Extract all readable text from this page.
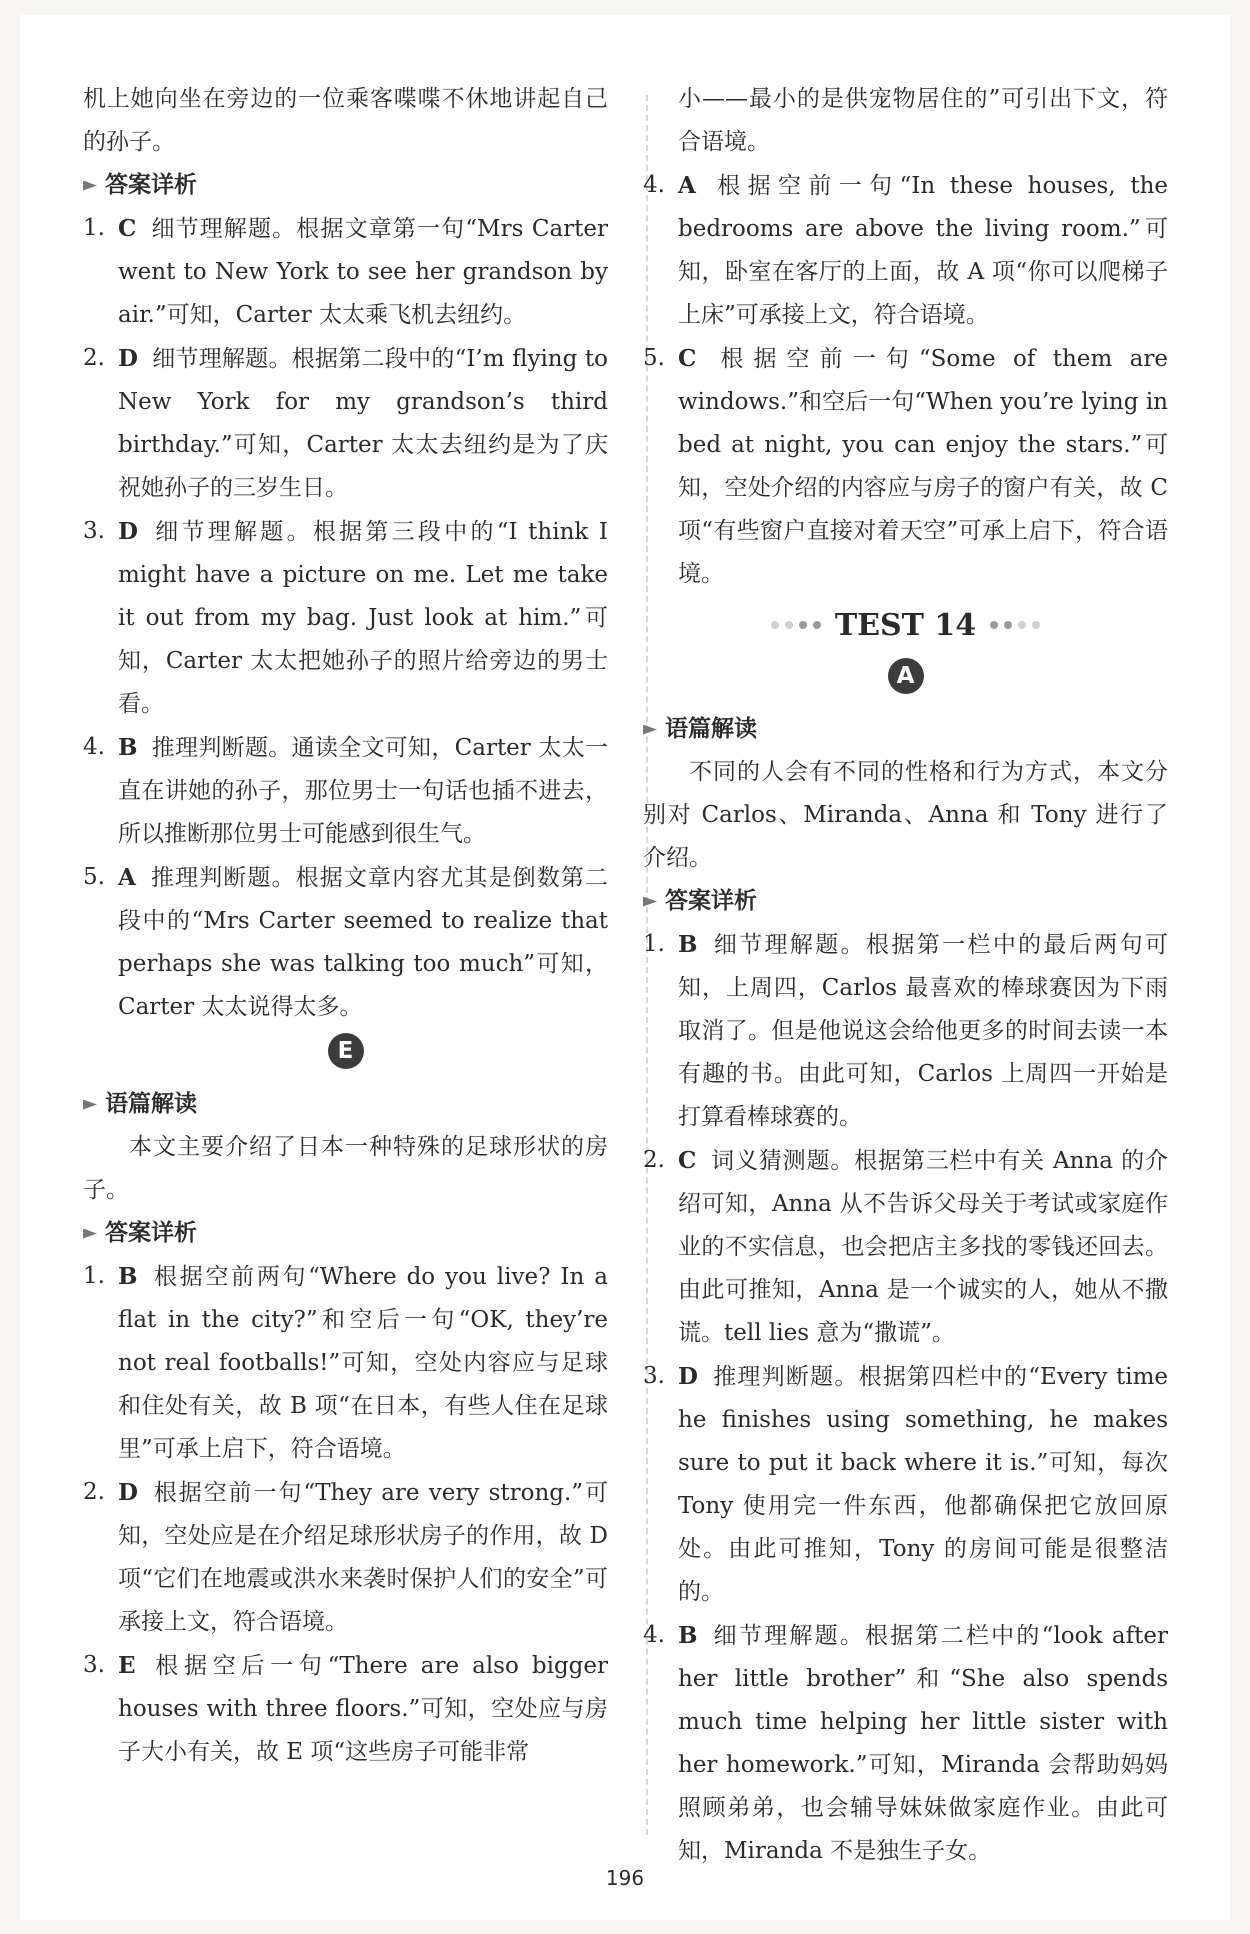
机上她向坐在旁边的一位乘客喋喋不休地讲起自己的孙子。

答案详析
1. C 细节理解题。根据文章第一句“Mrs Carter went to New York to see her grandson by air.”可知，Carter 太太乘飞机去纽约。
2. D 细节理解题。根据第二段中的“I’m flying to New York for my grandson’s third birthday.”可知，Carter 太太去纽约是为了庆祝她孙子的三岁生日。
3. D 细节理解题。根据第三段中的“I think I might have a picture on me. Let me take it out from my bag. Just look at him.”可知，Carter 太太把她孙子的照片给旁边的男士看。
4. B 推理判断题。通读全文可知，Carter 太太一直在讲她的孙子，那位男士一句话也插不进去，所以推断那位男士可能感到很生气。
5. A 推理判断题。根据文章内容尤其是倒数第二段中的“Mrs Carter seemed to realize that perhaps she was talking too much”可知，Carter 太太说得太多。
E
语篇解读

本文主要介绍了日本一种特殊的足球形状的房子。

答案详析
1. B 根据空前两句“Where do you live? In a flat in the city?”和空后一句“OK, they’re not real footballs!”可知，空处内容应与足球和住处有关，故 B 项“在日本，有些人住在足球里”可承上启下，符合语境。
2. D 根据空前一句“They are very strong.”可知，空处应是在介绍足球形状房子的作用，故 D 项“它们在地震或洪水来袭时保护人们的安全”可承接上文，符合语境。
3. E 根据空后一句“There are also bigger houses with three floors.”可知，空处应与房子大小有关，故 E 项“这些房子可能非常
小——最小的是供宠物居住的”可引出下文，符合语境。
4. A 根据空前一句“In these houses, the bedrooms are above the living room.”可知，卧室在客厅的上面，故 A 项“你可以爬梯子上床”可承接上文，符合语境。
5. C 根据空前一句“Some of them are windows.”和空后一句“When you’re lying in bed at night, you can enjoy the stars.”可知，空处介绍的内容应与房子的窗户有关，故 C 项“有些窗户直接对着天空”可承上启下，符合语境。
TEST 14
A
语篇解读

不同的人会有不同的性格和行为方式，本文分别对 Carlos、Miranda、Anna 和 Tony 进行了介绍。

答案详析
1. B 细节理解题。根据第一栏中的最后两句可知，上周四，Carlos 最喜欢的棒球赛因为下雨取消了。但是他说这会给他更多的时间去读一本有趣的书。由此可知，Carlos 上周四一开始是打算看棒球赛的。
2. C 词义猜测题。根据第三栏中有关 Anna 的介绍可知，Anna 从不告诉父母关于考试或家庭作业的不实信息，也会把店主多找的零钱还回去。由此可推知，Anna 是一个诚实的人，她从不撒谎。tell lies 意为“撒谎”。
3. D 推理判断题。根据第四栏中的“Every time he finishes using something, he makes sure to put it back where it is.”可知，每次 Tony 使用完一件东西，他都确保把它放回原处。由此可推知，Tony 的房间可能是很整洁的。
4. B 细节理解题。根据第二栏中的“look after her little brother”和“She also spends much time helping her little sister with her homework.”可知，Miranda 会帮助妈妈照顾弟弟，也会辅导妹妹做家庭作业。由此可知，Miranda 不是独生子女。
196
